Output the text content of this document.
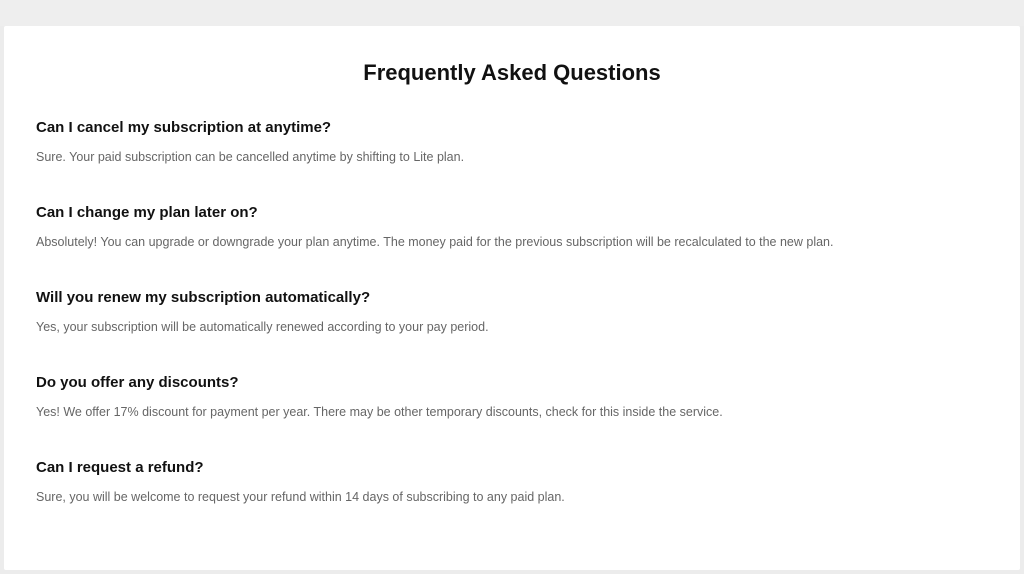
Frequently Asked Questions
Can I cancel my subscription at anytime?

Sure. Your paid subscription can be cancelled anytime by shifting to Lite plan.

Can I change my plan later on?

Absolutely! You can upgrade or downgrade your plan anytime. The money paid for the previous subscription will be recalculated to the new plan.

Will you renew my subscription automatically?

Yes, your subscription will be automatically renewed according to your pay period.

Do you offer any discounts?

Yes! We offer 17% discount for payment per year. There may be other temporary discounts, check for this inside the service.

Can I request a refund?

Sure, you will be welcome to request your refund within 14 days of subscribing to any paid plan.
